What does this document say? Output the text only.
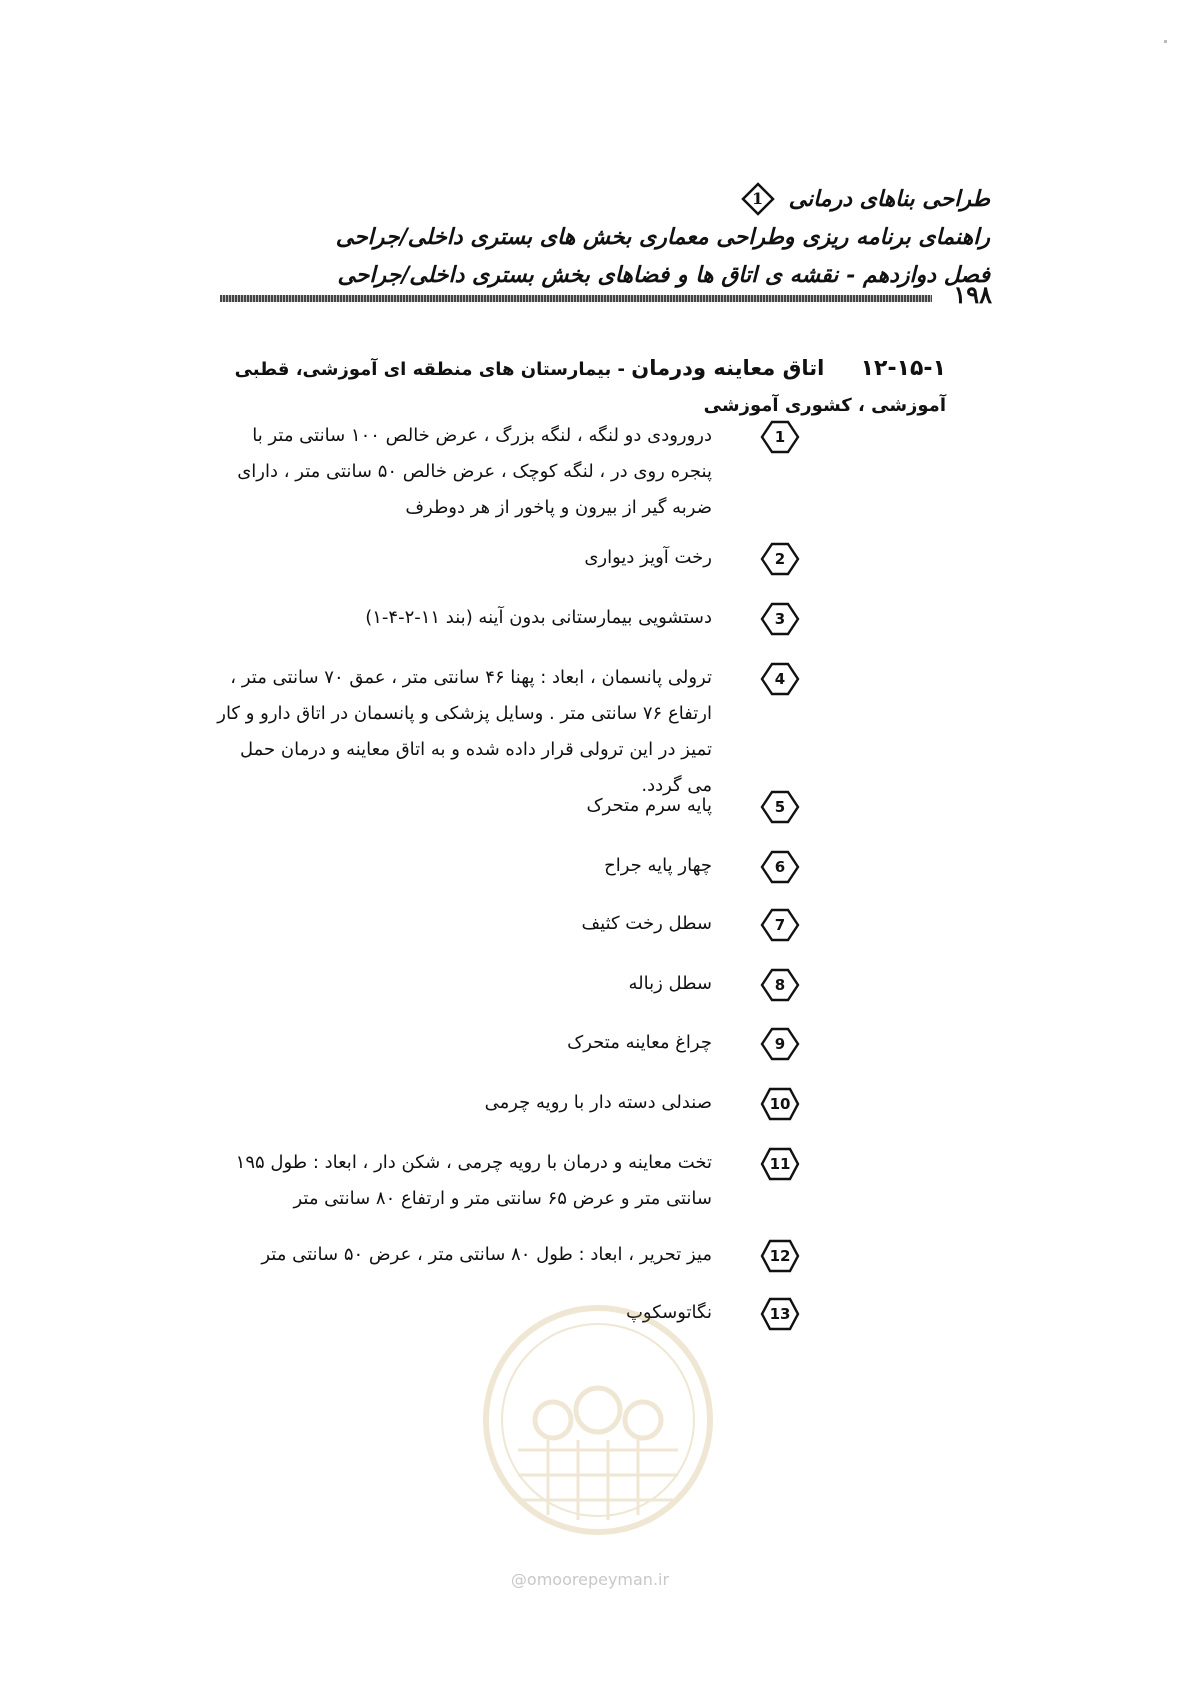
طراحی بناهای درمانی
1
راهنمای برنامه ریزی وطراحی معماری بخش های بستری داخلی/جراحی
فصل دوازدهم - نقشه ی اتاق ها و فضاهای بخش بستری داخلی/جراحی
۱۹۸
۱۲-۱۵-۱ اتاق معاینه ودرمان - بیمارستان های منطقه ای آموزشی، قطبی آموزشی ، کشوری آموزشی
1
درورودی دو لنگه ، لنگه بزرگ ، عرض خالص ۱۰۰ سانتی متر با پنجره روی در ، لنگه کوچک ، عرض خالص ۵۰ سانتی متر ، دارای ضربه گیر از بیرون و پاخور از هر دوطرف
2
رخت آویز دیواری
3
دستشویی بیمارستانی بدون آینه (بند ۱۱-۲-۴-۱)
4
ترولی پانسمان ، ابعاد : پهنا ۴۶ سانتی متر ، عمق ۷۰ سانتی متر ، ارتفاع ۷۶ سانتی متر . وسایل پزشکی و پانسمان در اتاق دارو و کار تمیز در این ترولی قرار داده شده و به اتاق معاینه و درمان حمل می گردد.
5
پایه سرم متحرک
6
چهار پایه جراح
7
سطل رخت کثیف
8
سطل زباله
9
چراغ معاینه متحرک
10
صندلی دسته دار با رویه چرمی
11
تخت معاینه و درمان با رویه چرمی ، شکن دار ، ابعاد : طول ۱۹۵ سانتی متر و عرض ۶۵ سانتی متر و ارتفاع ۸۰ سانتی متر
12
میز تحریر ، ابعاد : طول ۸۰ سانتی متر ، عرض ۵۰ سانتی متر
13
نگاتوسکوپ
@omoorepeyman.ir
